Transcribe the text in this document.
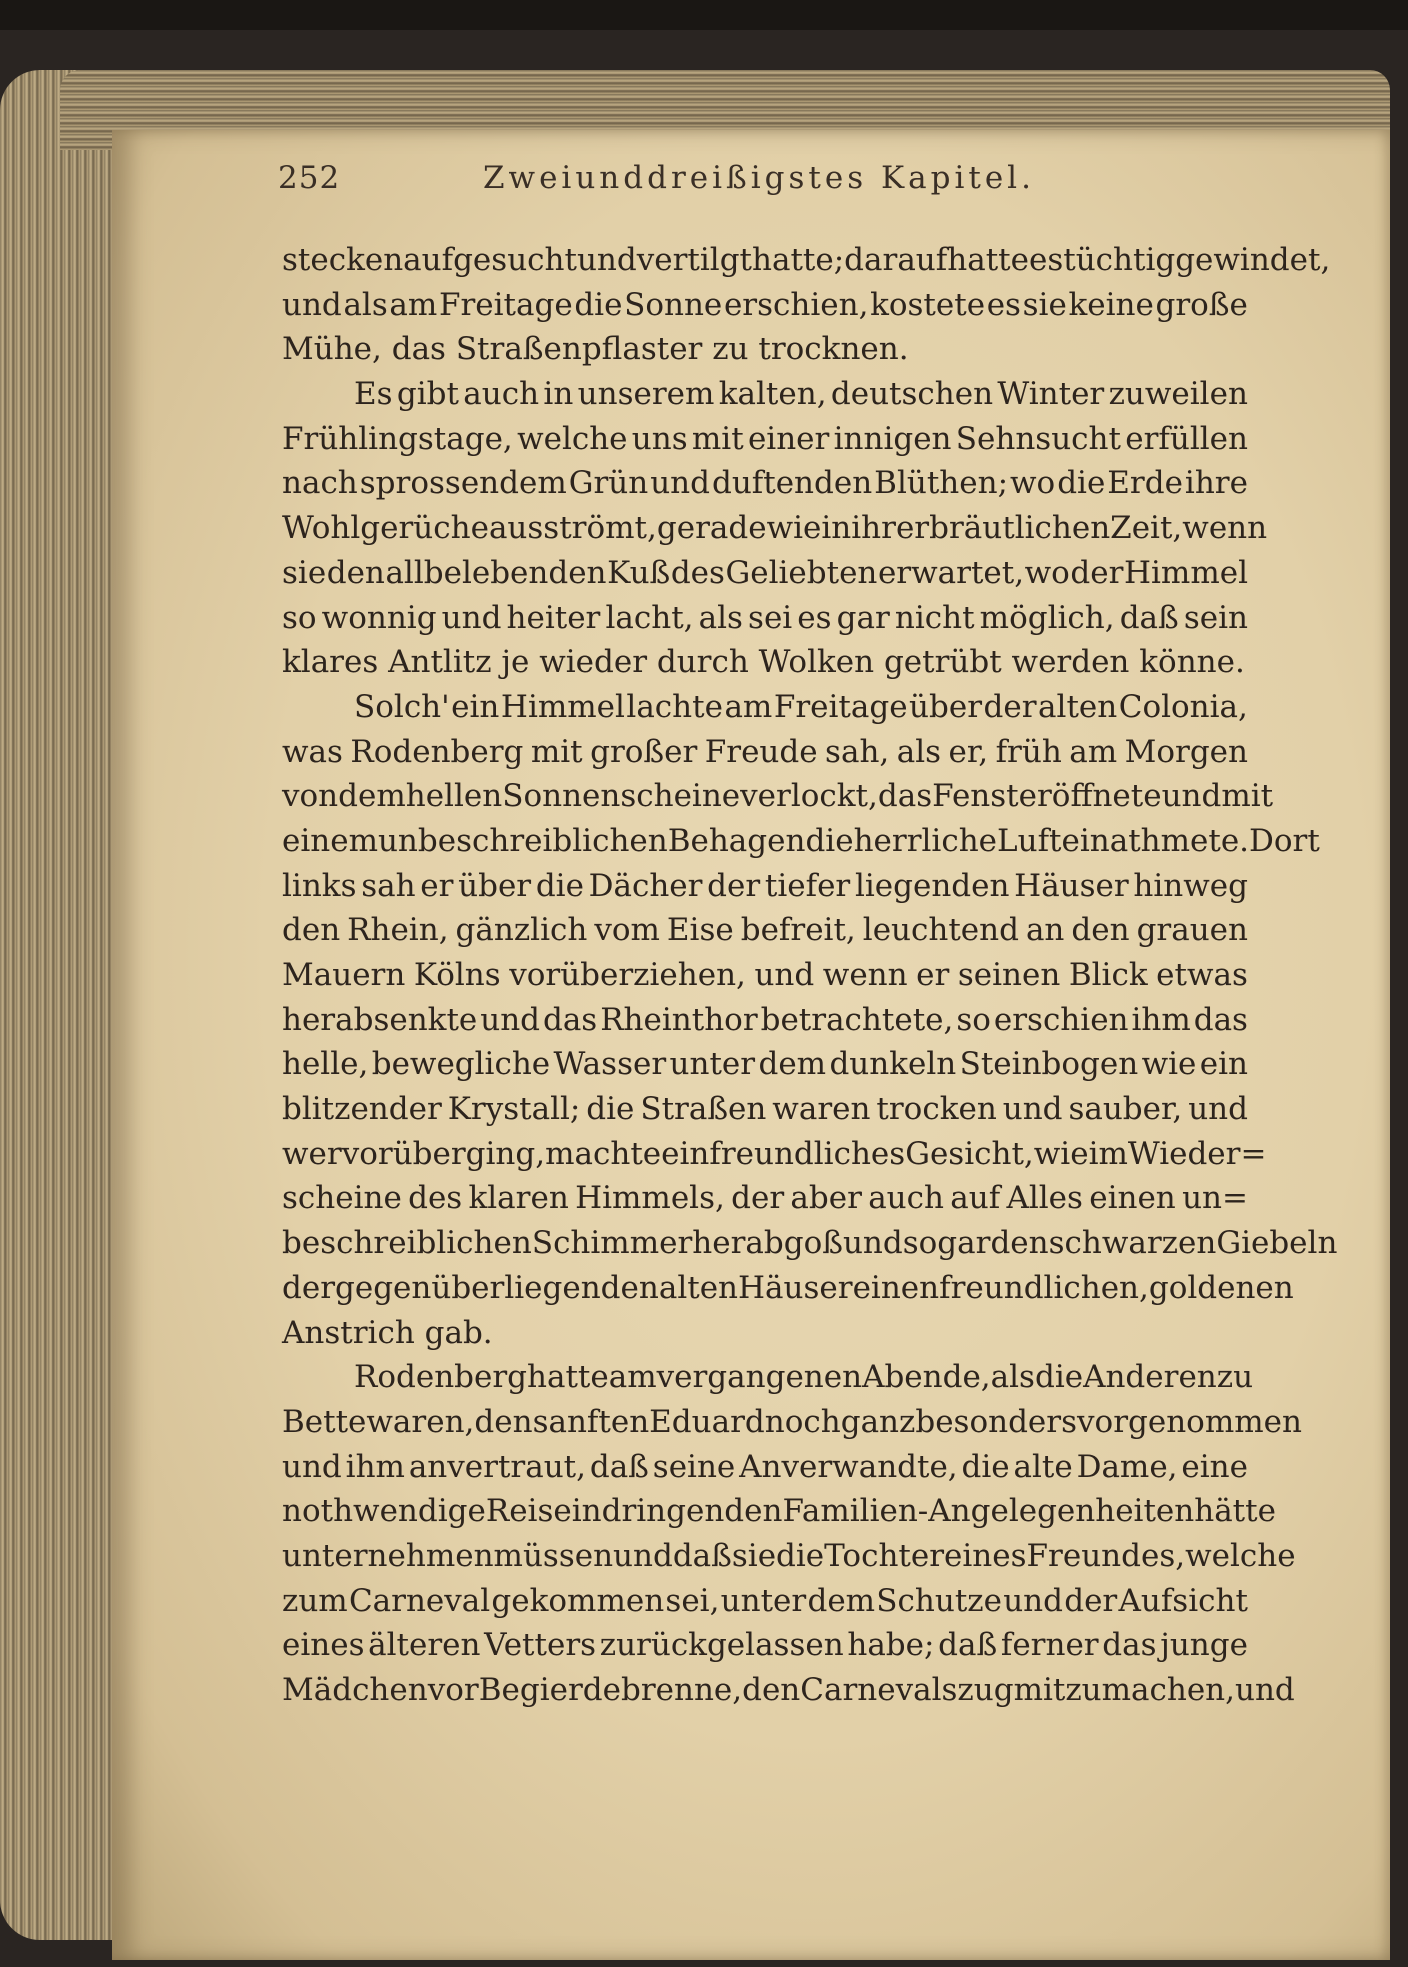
252	Zweiunddreißigstes Kapitel.
stecken aufgesucht und vertilgt hatte; darauf hatte es tüchtig gewindet,
und als am Freitage die Sonne erschien, kostete es sie keine große
Mühe, das Straßenpflaster zu trocknen.
Es gibt auch in unserem kalten, deutschen Winter zuweilen
Frühlingstage, welche uns mit einer innigen Sehnsucht erfüllen
nach sprossendem Grün und duftenden Blüthen; wo die Erde ihre
Wohlgerüche ausströmt, gerade wie in ihrer bräutlichen Zeit, wenn
sie den allbelebenden Kuß des Geliebten erwartet, wo der Himmel
so wonnig und heiter lacht, als sei es gar nicht möglich, daß sein
klares Antlitz je wieder durch Wolken getrübt werden könne.
Solch' ein Himmel lachte am Freitage über der alten Colonia,
was Rodenberg mit großer Freude sah, als er, früh am Morgen
von dem hellen Sonnenscheine verlockt, das Fenster öffnete und mit
einem unbeschreiblichen Behagen die herrliche Luft einathmete. Dort
links sah er über die Dächer der tiefer liegenden Häuser hinweg
den Rhein, gänzlich vom Eise befreit, leuchtend an den grauen
Mauern Kölns vorüberziehen, und wenn er seinen Blick etwas
herabsenkte und das Rheinthor betrachtete, so erschien ihm das
helle, bewegliche Wasser unter dem dunkeln Steinbogen wie ein
blitzender Krystall; die Straßen waren trocken und sauber, und
wer vorüberging, machte ein freundliches Gesicht, wie im Wieder=
scheine des klaren Himmels, der aber auch auf Alles einen un=
beschreiblichen Schimmer herabgoß und sogar den schwarzen Giebeln
der gegenüber liegenden alten Häuser einen freundlichen, goldenen
Anstrich gab.
Rodenberg hatte am vergangenen Abende, als die Anderen zu
Bette waren, den sanften Eduard noch ganz besonders vorgenommen
und ihm anvertraut, daß seine Anverwandte, die alte Dame, eine
nothwendige Reise in dringenden Familien-Angelegenheiten hätte
unternehmen müssen und daß sie die Tochter eines Freundes, welche
zum Carneval gekommen sei, unter dem Schutze und der Aufsicht
eines älteren Vetters zurückgelassen habe; daß ferner das junge
Mädchen vor Begierde brenne, den Carnevalszug mitzumachen, und
